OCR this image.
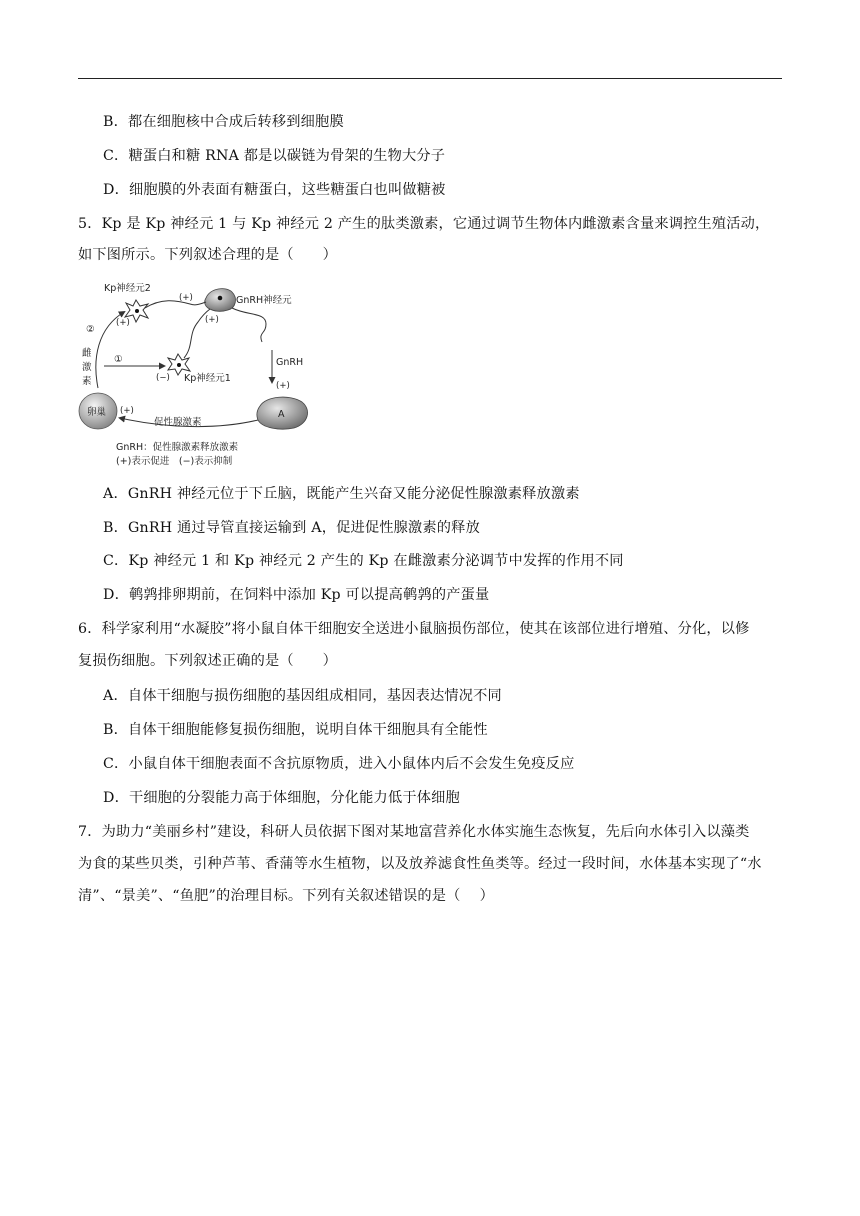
B．都在细胞核中合成后转移到细胞膜
C．糖蛋白和糖 RNA 都是以碳链为骨架的生物大分子
D．细胞膜的外表面有糖蛋白，这些糖蛋白也叫做糖被
5．Kp 是 Kp 神经元 1 与 Kp 神经元 2 产生的肽类激素，它通过调节生物体内雌激素含量来调控生殖活动，
如下图所示。下列叙述合理的是（　　）
Kp神经元2
(+)
GnRH神经元
(+)
(+)
GnRH
(+)
Kp神经元1
(−)
雌
激
素
②
①
卵巢 (+)	A
促性腺激素
GnRH：促性腺激素释放激素
(+)表示促进　(−)表示抑制
A．GnRH 神经元位于下丘脑，既能产生兴奋又能分泌促性腺激素释放激素
B．GnRH 通过导管直接运输到 A，促进促性腺激素的释放
C．Kp 神经元 1 和 Kp 神经元 2 产生的 Kp 在雌激素分泌调节中发挥的作用不同
D．鹌鹑排卵期前，在饲料中添加 Kp 可以提高鹌鹑的产蛋量
6．科学家利用“水凝胶”将小鼠自体干细胞安全送进小鼠脑损伤部位，使其在该部位进行增殖、分化，以修
复损伤细胞。下列叙述正确的是（　　）
A．自体干细胞与损伤细胞的基因组成相同，基因表达情况不同
B．自体干细胞能修复损伤细胞，说明自体干细胞具有全能性
C．小鼠自体干细胞表面不含抗原物质，进入小鼠体内后不会发生免疫反应
D．干细胞的分裂能力高于体细胞，分化能力低于体细胞
7．为助力“美丽乡村”建设，科研人员依据下图对某地富营养化水体实施生态恢复，先后向水体引入以藻类
为食的某些贝类，引种芦苇、香蒲等水生植物，以及放养滤食性鱼类等。经过一段时间，水体基本实现了“水
清”、“景美”、“鱼肥”的治理目标。下列有关叙述错误的是（　 ）
